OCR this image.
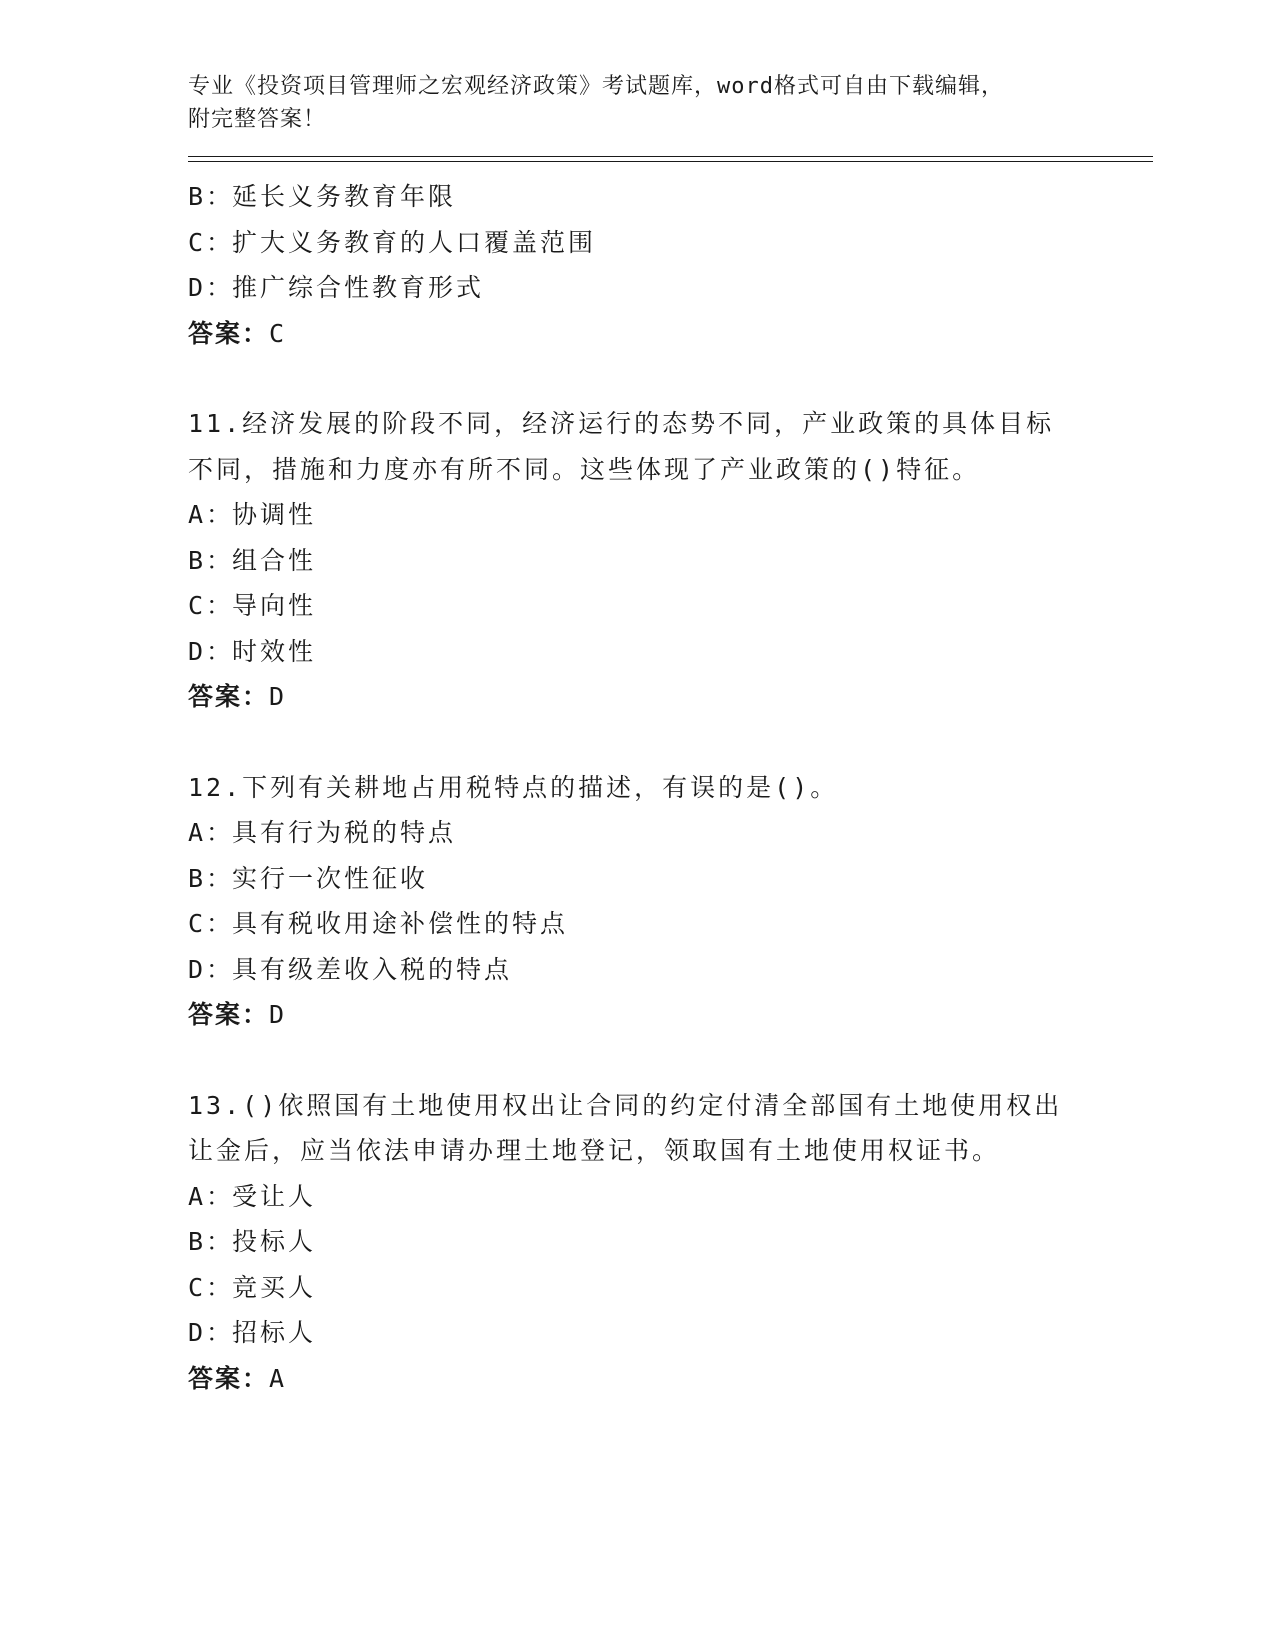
专业《投资项目管理师之宏观经济政策》考试题库，word格式可自由下载编辑，

附完整答案！

B：延长义务教育年限

C：扩大义务教育的人口覆盖范围

D：推广综合性教育形式

答案：C

11.经济发展的阶段不同，经济运行的态势不同，产业政策的具体目标

不同，措施和力度亦有所不同。这些体现了产业政策的()特征。

A：协调性

B：组合性

C：导向性

D：时效性

答案：D

12.下列有关耕地占用税特点的描述，有误的是()。

A：具有行为税的特点

B：实行一次性征收

C：具有税收用途补偿性的特点

D：具有级差收入税的特点

答案：D

13.()依照国有土地使用权出让合同的约定付清全部国有土地使用权出

让金后，应当依法申请办理土地登记，领取国有土地使用权证书。

A：受让人

B：投标人

C：竞买人

D：招标人

答案：A
